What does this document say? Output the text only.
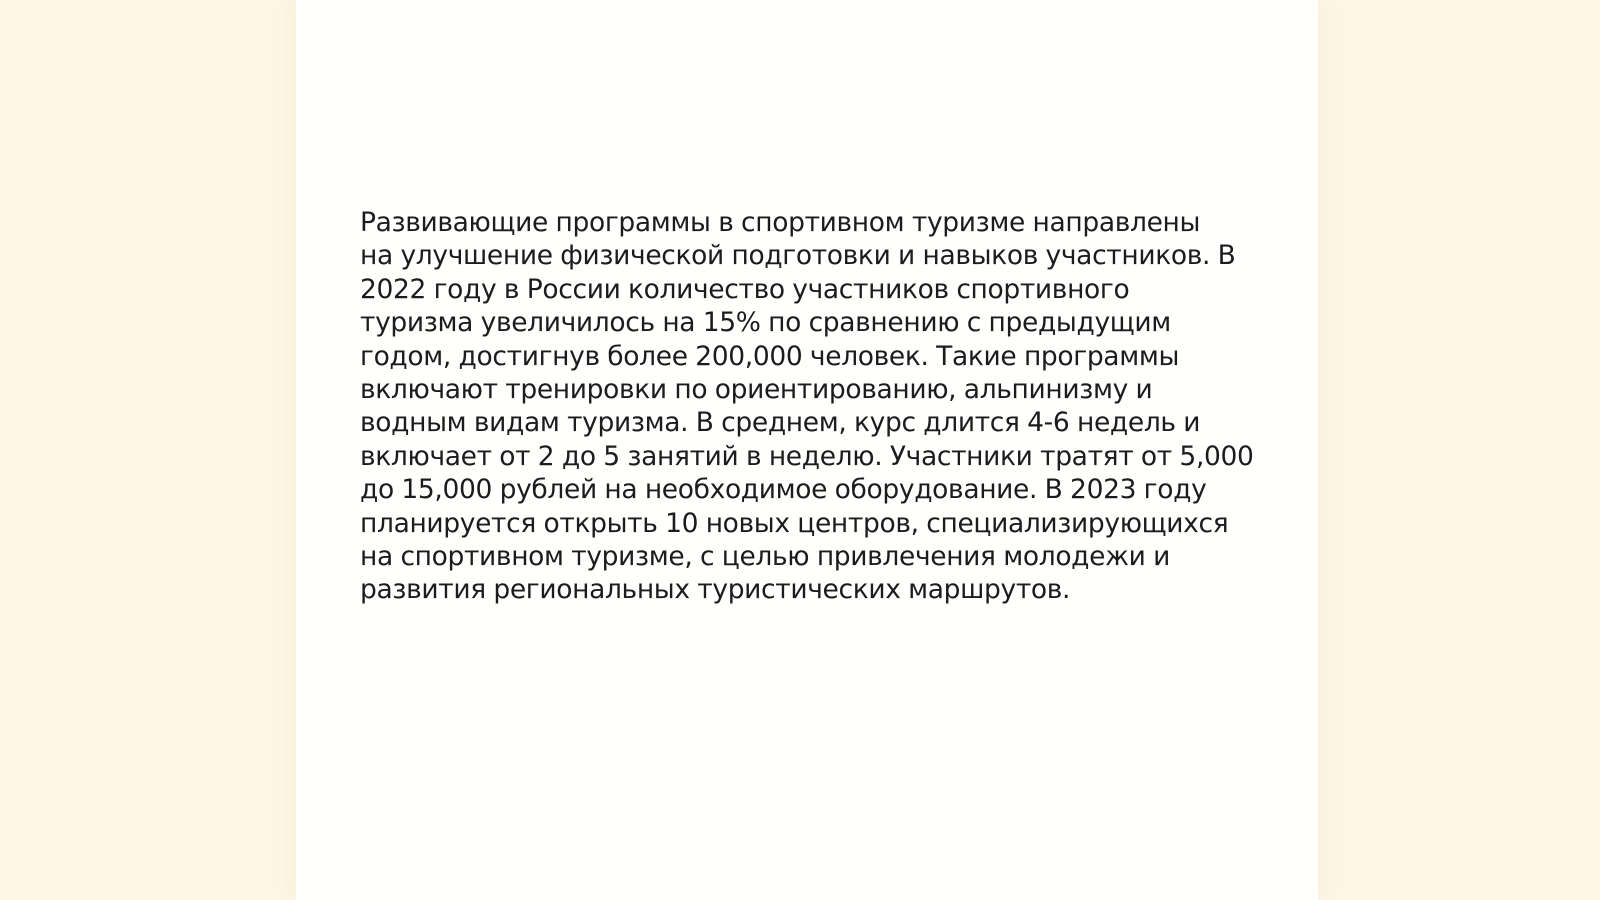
Развивающие программы в спортивном туризме направлены
на улучшение физической подготовки и навыков участников. В
2022 году в России количество участников спортивного
туризма увеличилось на 15% по сравнению с предыдущим
годом, достигнув более 200,000 человек. Такие программы
включают тренировки по ориентированию, альпинизму и
водным видам туризма. В среднем, курс длится 4-6 недель и
включает от 2 до 5 занятий в неделю. Участники тратят от 5,000
до 15,000 рублей на необходимое оборудование. В 2023 году
планируется открыть 10 новых центров, специализирующихся
на спортивном туризме, с целью привлечения молодежи и
развития региональных туристических маршрутов.
